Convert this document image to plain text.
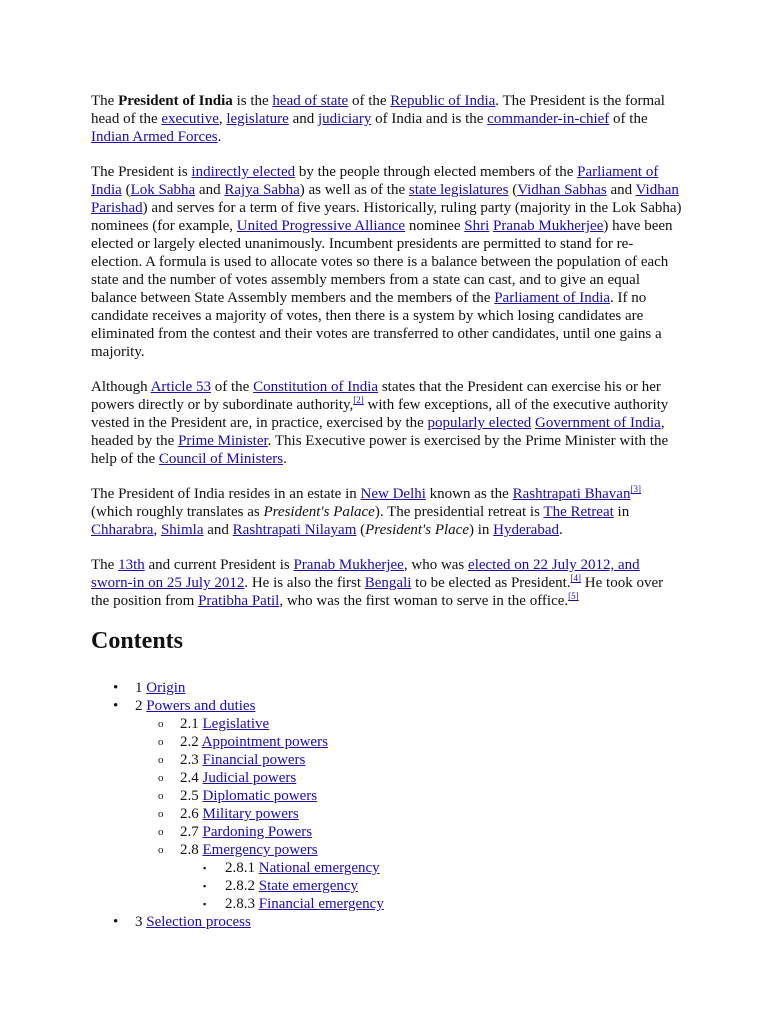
The President of India is the head of state of the Republic of India. The President is the formal head of the executive, legislature and judiciary of India and is the commander-in-chief of the Indian Armed Forces.

The President is indirectly elected by the people through elected members of the Parliament of India (Lok Sabha and Rajya Sabha) as well as of the state legislatures (Vidhan Sabhas and Vidhan Parishad) and serves for a term of five years. Historically, ruling party (majority in the Lok Sabha) nominees (for example, United Progressive Alliance nominee Shri Pranab Mukherjee) have been elected or largely elected unanimously. Incumbent presidents are permitted to stand for re-election. A formula is used to allocate votes so there is a balance between the population of each state and the number of votes assembly members from a state can cast, and to give an equal balance between State Assembly members and the members of the Parliament of India. If no candidate receives a majority of votes, then there is a system by which losing candidates are eliminated from the contest and their votes are transferred to other candidates, until one gains a majority.

Although Article 53 of the Constitution of India states that the President can exercise his or her powers directly or by subordinate authority,[2] with few exceptions, all of the executive authority vested in the President are, in practice, exercised by the popularly elected Government of India, headed by the Prime Minister. This Executive power is exercised by the Prime Minister with the help of the Council of Ministers.

The President of India resides in an estate in New Delhi known as the Rashtrapati Bhavan[3] (which roughly translates as President's Palace). The presidential retreat is The Retreat in Chharabra, Shimla and Rashtrapati Nilayam (President's Place) in Hyderabad.

The 13th and current President is Pranab Mukherjee, who was elected on 22 July 2012, and sworn-in on 25 July 2012. He is also the first Bengali to be elected as President.[4] He took over the position from Pratibha Patil, who was the first woman to serve in the office.[5]

Contents
• 1 Origin
• 2 Powers and duties
o 2.1 Legislative
o 2.2 Appointment powers
o 2.3 Financial powers
o 2.4 Judicial powers
o 2.5 Diplomatic powers
o 2.6 Military powers
o 2.7 Pardoning Powers
o 2.8 Emergency powers
▪ 2.8.1 National emergency
▪ 2.8.2 State emergency
▪ 2.8.3 Financial emergency
• 3 Selection process
